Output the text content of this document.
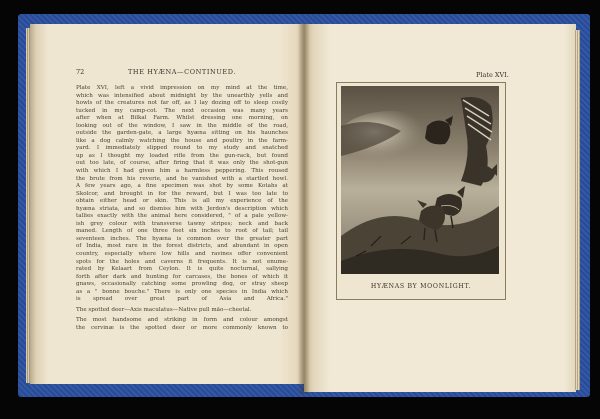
72	THE HYÆNA—CONTINUED.

Plate XVI, left a vivid impression on my mind at the time,

which was intensified about midnight by the unearthly yells and

howls of the creatures not far off, as I lay dozing off to sleep cosily

tucked in my camp-cot. The next occasion was many years

after when at Bilkal Farm. Whilst dressing one morning, on

looking out of the window, I saw in the middle of the road,

outside the garden-gate, a large hyæna sitting on his haunches

like a dog calmly watching the house and poultry in the farm-

yard. I immediately slipped round to my study and snatched

up as I thought my loaded rifle from the gun-rack, but found

out too late, of course, after firing that it was only the shot-gun

with which I had given him a harmless peppering. This roused

the brute from his reverie, and he vanished with a startled howl.

A few years ago, a fine specimen was shot by some Kotahs at

Skolcor, and brought in for the reward, but I was too late to

obtain either head or skin. This is all my experience of the

hyæna striata, and so dismiss him with Jerdon's description which

tallies exactly with the animal here considered, " of a pale yellow-

ish grey colour with transverse tawny stripes; neck and back

maned. Length of one three feet six inches to root of tail; tail

seventeen inches. The hyæna is common over the greater part

of India, most rare in the forest districts, and abundant in open

country, especially where low hills and ravines offer convenient

spots for the holes and caverns it frequents. It is not enume-

rated by Kelaart from Ceylon. It is quite nocturnal, sallying

forth after dark and hunting for carcases, the bones of which it

gnaws, occasionally catching some prowling dog, or stray sheep

as a " bonne bouche." There is only one species in India which

is spread over great part of Asia and Africa."

The spotted deer—Axis maculatus—Native pull māo—cheetal.

The most handsome and striking in form and colour amongst

the cervinæ is the spotted deer or more commonly known to

Plate XVI.
HYÆNAS BY MOONLIGHT.
